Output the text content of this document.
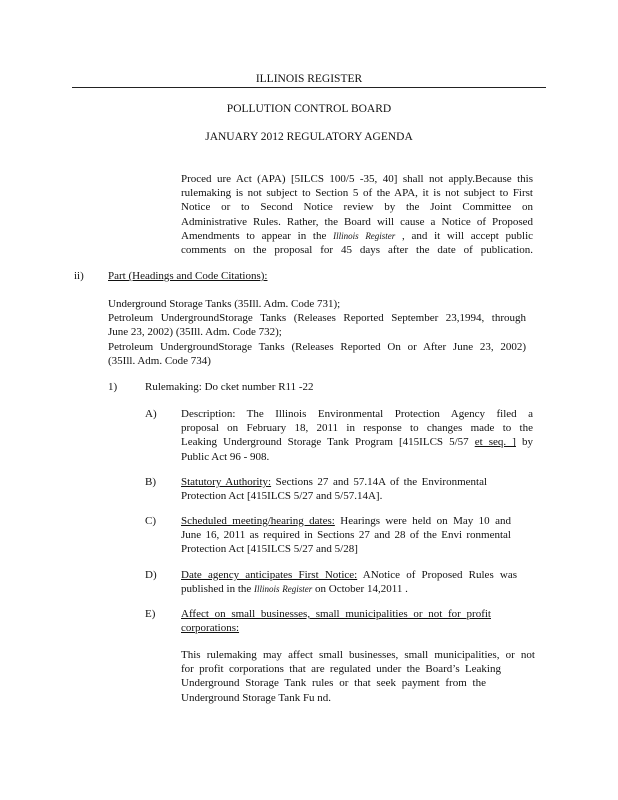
ILLINOIS REGISTER
POLLUTION CONTROL BOARD
JANUARY 2012 REGULATORY AGENDA
Proced ure Act (APA) [5ILCS 100/5 -35, 40] shall not apply.Because this
rulemaking is not subject to Section 5 of the APA, it is not subject to First
Notice or to Second Notice review by the Joint Committee on
Administrative Rules. Rather, the Board will cause a Notice of Proposed
Amendments to appear in the Illinois Register , and it will accept public
comments on the proposal for 45 days after the date of publication.
ii) Part (Headings and Code Citations):
Underground Storage Tanks (35Ill. Adm. Code 731);
Petroleum UndergroundStorage Tanks (Releases Reported September 23,1994, through
June 23, 2002) (35Ill. Adm. Code 732);
Petroleum UndergroundStorage Tanks (Releases Reported On or After June 23, 2002)
(35Ill. Adm. Code 734)
1)	Rulemaking: Do cket number R11 -22
A) Description: The Illinois Environmental Protection Agency filed a
proposal on February 18, 2011 in response to changes made to the
Leaking Underground Storage Tank Program [415ILCS 5/57 et seq. ] by
Public Act 96 - 908.
B) Statutory Authority: Sections 27 and 57.14A of the Environmental
Protection Act [415ILCS 5/27 and 5/57.14A].
C) Scheduled meeting/hearing dates: Hearings were held on May 10 and
June 16, 2011 as required in Sections 27 and 28 of the Envi ronmental
Protection Act [415ILCS 5/27 and 5/28]
D) Date agency anticipates First Notice: ANotice of Proposed Rules was
published in the Illinois Register on October 14,2011 .
E) Affect on small businesses, small municipalities or not for profit
corporations:
This rulemaking may affect small businesses, small municipalities, or not
for profit corporations that are regulated under the Board’s Leaking
Underground Storage Tank rules or that seek payment from the
Underground Storage Tank Fu nd.
